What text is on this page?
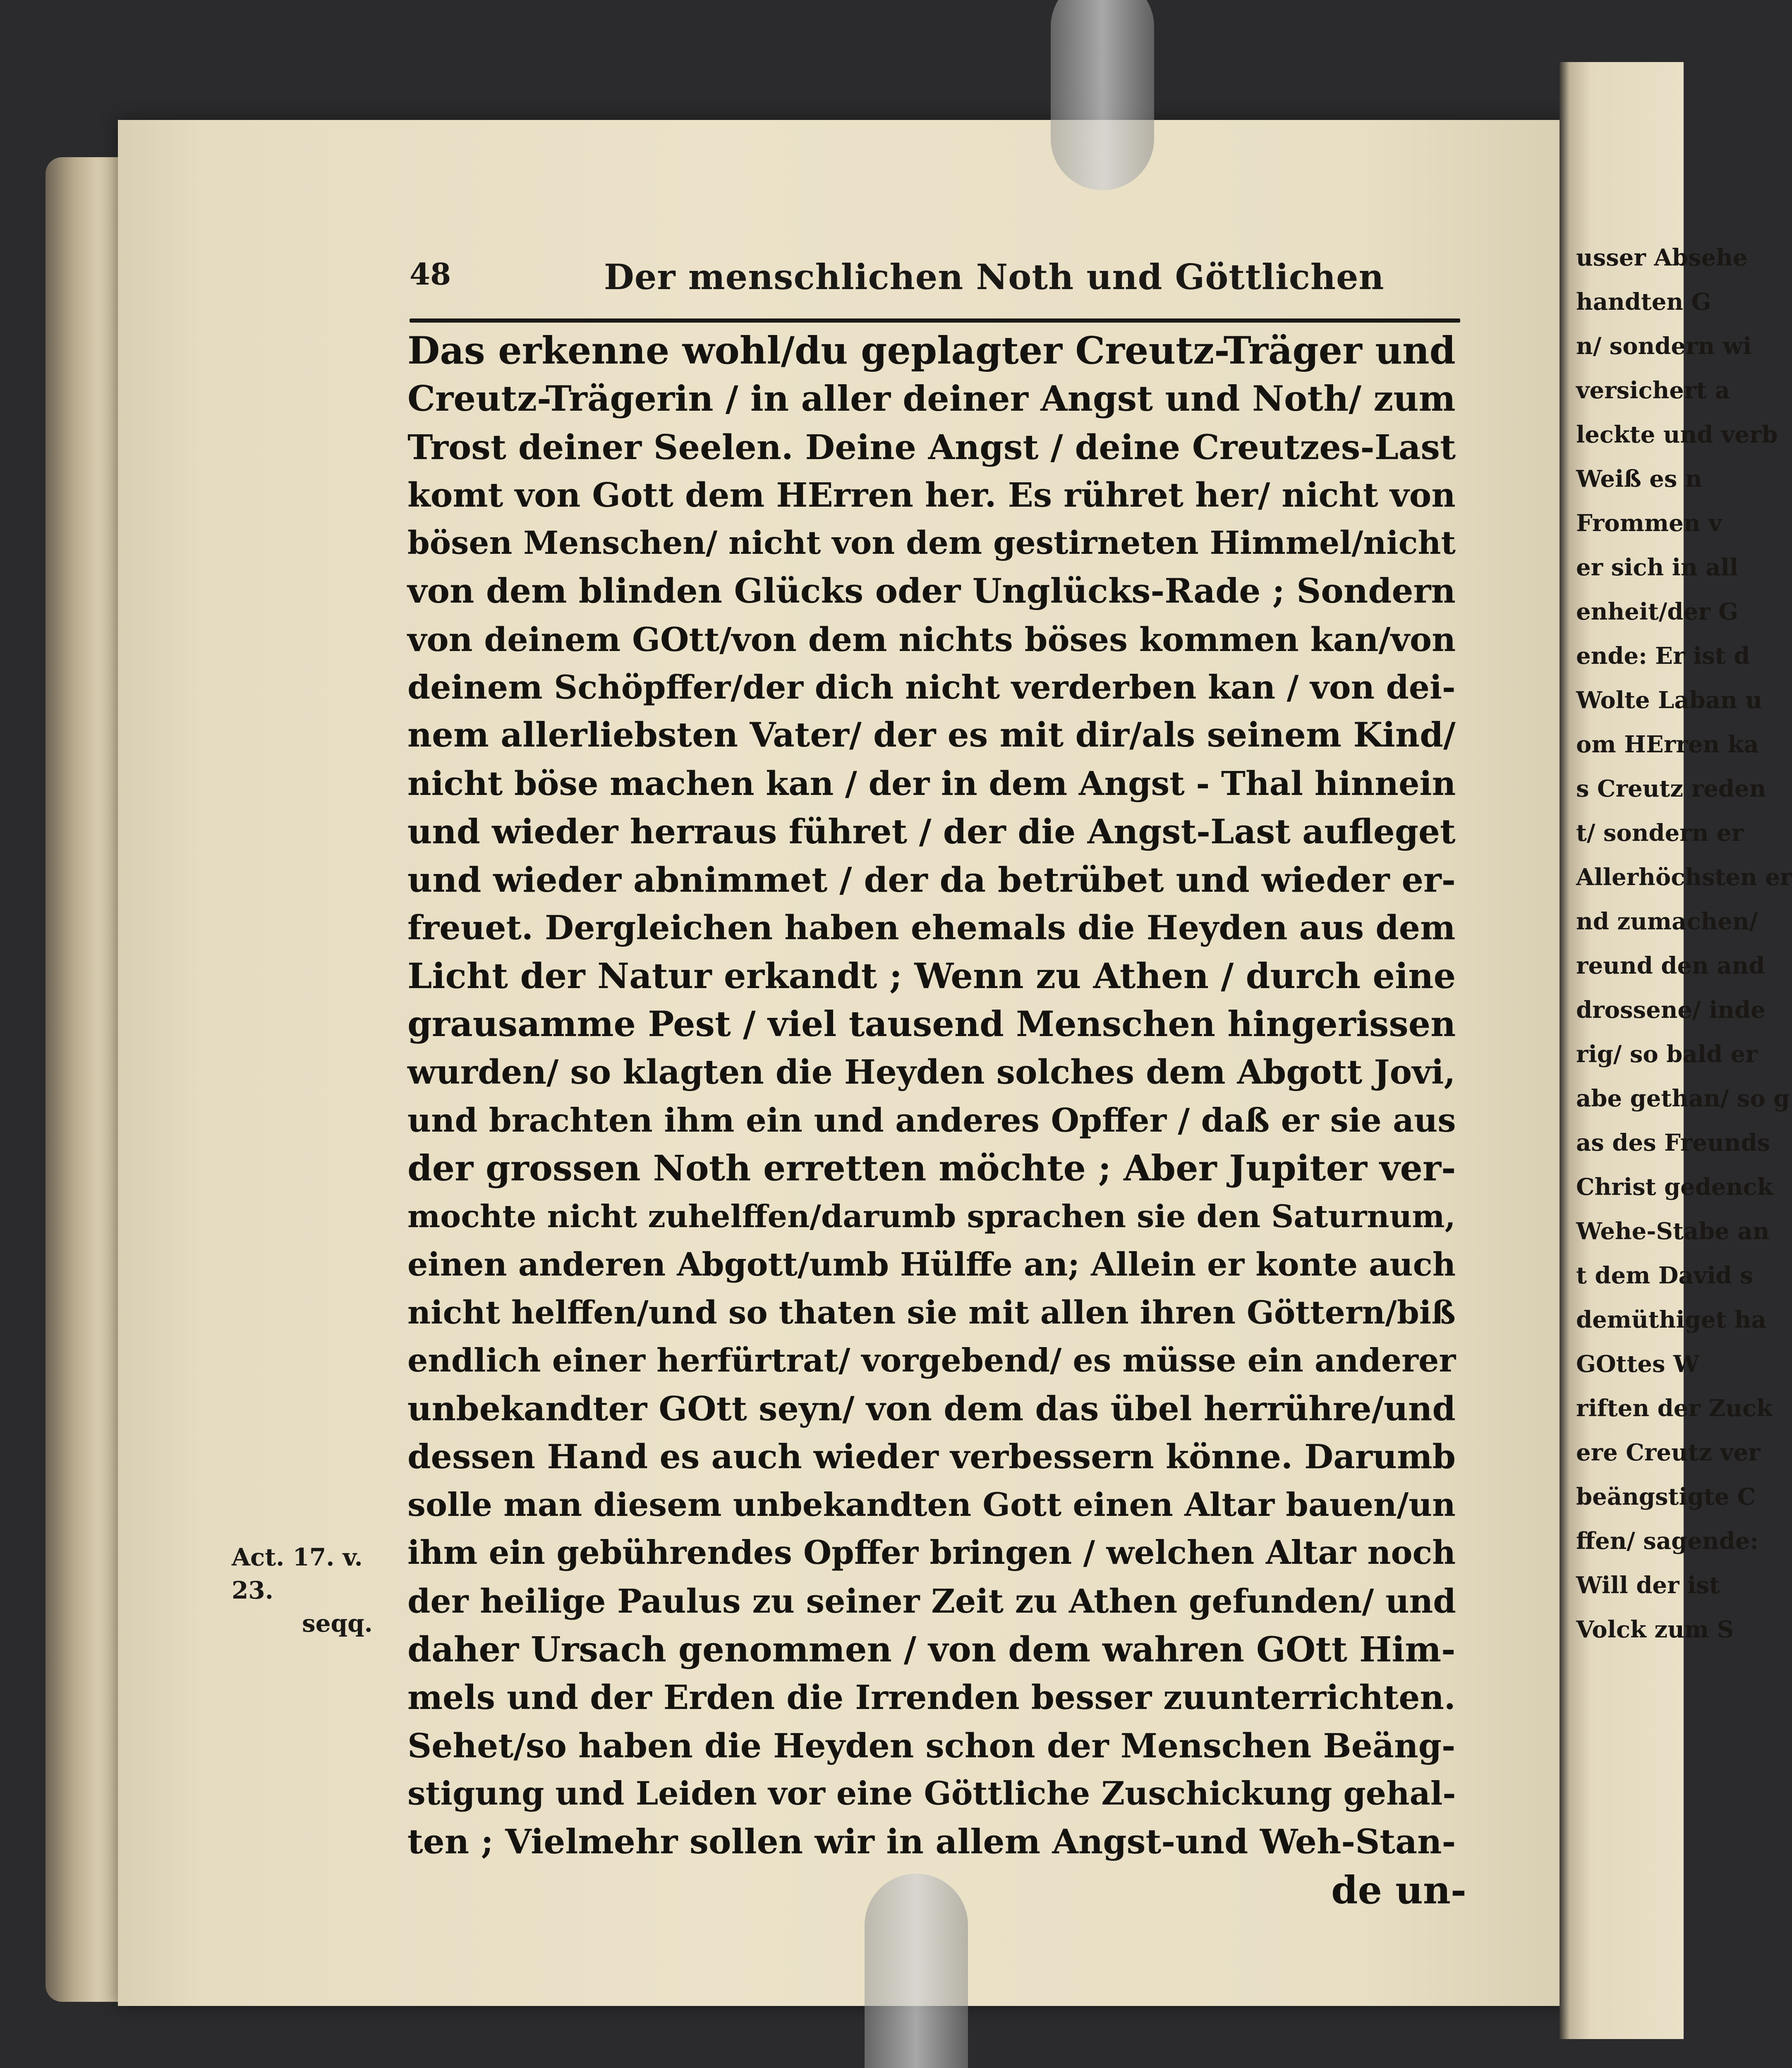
usser Absehe
handten G
n/ sondern wi
versichert a
leckte und verb
Weiß es n
Frommen v
er sich in all
enheit/der G
ende: Er ist d
Wolte Laban u
om HErren ka
s Creutz reden
t/ sondern er
Allerhöchsten er
nd zumachen/
reund den and
drossene/ inde
rig/ so bald er
abe gethan/ so g
as des Freunds
Christ gedenck
Wehe-Stabe an
t dem David s
demüthiget ha
GOttes W
riften der Zuck
ere Creutz ver
beängstigte C
ffen/ sagende:
Will der ist
Volck zum S
48	Der menschlichen Noth und Göttlichen
Das erkenne wohl/du geplagter Creutz-Träger und
Creutz-Trägerin / in aller deiner Angst und Noth/ zum
Trost deiner Seelen. Deine Angst / deine Creutzes-Last
komt von Gott dem HErren her. Es rühret her/ nicht von
bösen Menschen/ nicht von dem gestirneten Himmel/nicht
von dem blinden Glücks oder Unglücks-Rade ; Sondern
von deinem GOtt/von dem nichts böses kommen kan/von
deinem Schöpffer/der dich nicht verderben kan / von dei-
nem allerliebsten Vater/ der es mit dir/als seinem Kind/
nicht böse machen kan / der in dem Angst - Thal hinnein
und wieder herraus führet / der die Angst-Last aufleget
und wieder abnimmet / der da betrübet und wieder er-
freuet. Dergleichen haben ehemals die Heyden aus dem
Licht der Natur erkandt ; Wenn zu Athen / durch eine
grausamme Pest / viel tausend Menschen hingerissen
wurden/ so klagten die Heyden solches dem Abgott Jovi,
und brachten ihm ein und anderes Opffer / daß er sie aus
der grossen Noth erretten möchte ; Aber Jupiter ver-
mochte nicht zuhelffen/darumb sprachen sie den Saturnum,
einen anderen Abgott/umb Hülffe an; Allein er konte auch
nicht helffen/und so thaten sie mit allen ihren Göttern/biß
endlich einer herfürtrat/ vorgebend/ es müsse ein anderer
unbekandter GOtt seyn/ von dem das übel herrühre/und
dessen Hand es auch wieder verbessern könne. Darumb
solle man diesem unbekandten Gott einen Altar bauen/un
ihm ein gebührendes Opffer bringen / welchen Altar noch
der heilige Paulus zu seiner Zeit zu Athen gefunden/ und
daher Ursach genommen / von dem wahren GOtt Him-
mels und der Erden die Irrenden besser zuunterrichten.
Sehet/so haben die Heyden schon der Menschen Beäng-
stigung und Leiden vor eine Göttliche Zuschickung gehal-
ten ; Vielmehr sollen wir in allem Angst-und Weh-Stan-
de un-
Act. 17. v. 23.
seqq.
